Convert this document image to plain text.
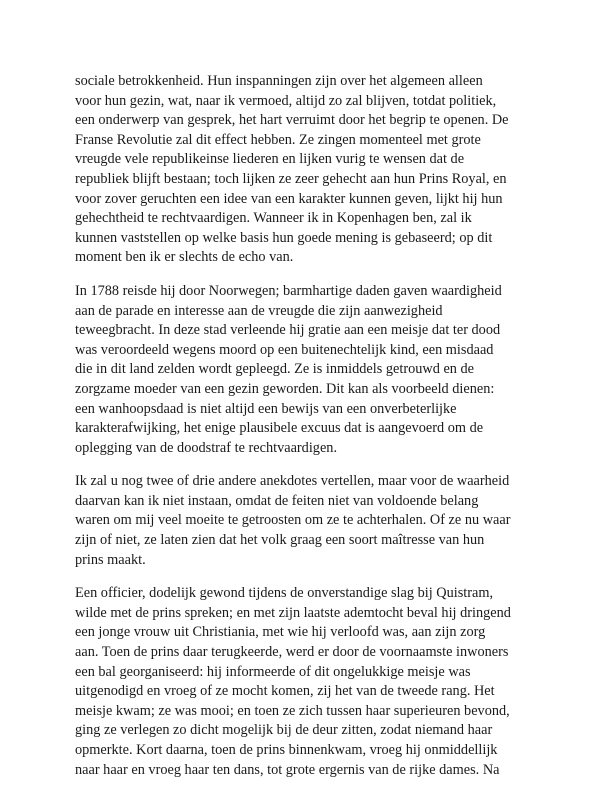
sociale betrokkenheid. Hun inspanningen zijn over het algemeen alleen
voor hun gezin, wat, naar ik vermoed, altijd zo zal blijven, totdat politiek,
een onderwerp van gesprek, het hart verruimt door het begrip te openen. De
Franse Revolutie zal dit effect hebben. Ze zingen momenteel met grote
vreugde vele republikeinse liederen en lijken vurig te wensen dat de
republiek blijft bestaan; toch lijken ze zeer gehecht aan hun Prins Royal, en
voor zover geruchten een idee van een karakter kunnen geven, lijkt hij hun
gehechtheid te rechtvaardigen. Wanneer ik in Kopenhagen ben, zal ik
kunnen vaststellen op welke basis hun goede mening is gebaseerd; op dit
moment ben ik er slechts de echo van.

In 1788 reisde hij door Noorwegen; barmhartige daden gaven waardigheid
aan de parade en interesse aan de vreugde die zijn aanwezigheid
teweegbracht. In deze stad verleende hij gratie aan een meisje dat ter dood
was veroordeeld wegens moord op een buitenechtelijk kind, een misdaad
die in dit land zelden wordt gepleegd. Ze is inmiddels getrouwd en de
zorgzame moeder van een gezin geworden. Dit kan als voorbeeld dienen:
een wanhoopsdaad is niet altijd een bewijs van een onverbeterlijke
karakterafwijking, het enige plausibele excuus dat is aangevoerd om de
oplegging van de doodstraf te rechtvaardigen.

Ik zal u nog twee of drie andere anekdotes vertellen, maar voor de waarheid
daarvan kan ik niet instaan, omdat de feiten niet van voldoende belang
waren om mij veel moeite te getroosten om ze te achterhalen. Of ze nu waar
zijn of niet, ze laten zien dat het volk graag een soort maîtresse van hun
prins maakt.

Een officier, dodelijk gewond tijdens de onverstandige slag bij Quistram,
wilde met de prins spreken; en met zijn laatste ademtocht beval hij dringend
een jonge vrouw uit Christiania, met wie hij verloofd was, aan zijn zorg
aan. Toen de prins daar terugkeerde, werd er door de voornaamste inwoners
een bal georganiseerd: hij informeerde of dit ongelukkige meisje was
uitgenodigd en vroeg of ze mocht komen, zij het van de tweede rang. Het
meisje kwam; ze was mooi; en toen ze zich tussen haar superieuren bevond,
ging ze verlegen zo dicht mogelijk bij de deur zitten, zodat niemand haar
opmerkte. Kort daarna, toen de prins binnenkwam, vroeg hij onmiddellijk
naar haar en vroeg haar ten dans, tot grote ergernis van de rijke dames. Na
